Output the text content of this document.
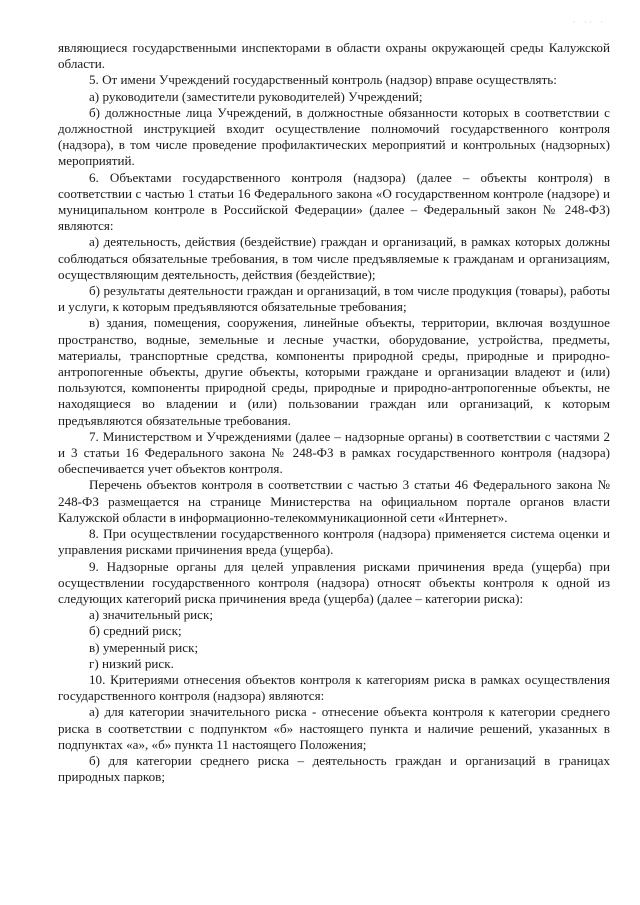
· ·· ·

являющиеся государственными инспекторами в области охраны окружающей среды Калужской области.

5. От имени Учреждений государственный контроль (надзор) вправе осуществлять:

а) руководители (заместители руководителей) Учреждений;

б) должностные лица Учреждений, в должностные обязанности которых в соответствии с должностной инструкцией входит осуществление полномочий государственного контроля (надзора), в том числе проведение профилактических мероприятий и контрольных (надзорных) мероприятий.

6. Объектами государственного контроля (надзора) (далее – объекты контроля) в соответствии с частью 1 статьи 16 Федерального закона «О государственном контроле (надзоре) и муниципальном контроле в Российской Федерации» (далее – Федеральный закон № 248-ФЗ) являются:

а) деятельность, действия (бездействие) граждан и организаций, в рамках которых должны соблюдаться обязательные требования, в том числе предъявляемые к гражданам и организациям, осуществляющим деятельность, действия (бездействие);

б) результаты деятельности граждан и организаций, в том числе продукция (товары), работы и услуги, к которым предъявляются обязательные требования;

в) здания, помещения, сооружения, линейные объекты, территории, включая воздушное пространство, водные, земельные и лесные участки, оборудование, устройства, предметы, материалы, транспортные средства, компоненты природной среды, природные и природно-антропогенные объекты, другие объекты, которыми граждане и организации владеют и (или) пользуются, компоненты природной среды, природные и природно-антропогенные объекты, не находящиеся во владении и (или) пользовании граждан или организаций, к которым предъявляются обязательные требования.

7. Министерством и Учреждениями (далее – надзорные органы) в соответствии с частями 2 и 3 статьи 16 Федерального закона № 248-ФЗ в рамках государственного контроля (надзора) обеспечивается учет объектов контроля.

Перечень объектов контроля в соответствии с частью 3 статьи 46 Федерального закона № 248-ФЗ размещается на странице Министерства на официальном портале органов власти Калужской области в информационно-телекоммуникационной сети «Интернет».

8. При осуществлении государственного контроля (надзора) применяется система оценки и управления рисками причинения вреда (ущерба).

9. Надзорные органы для целей управления рисками причинения вреда (ущерба) при осуществлении государственного контроля (надзора) относят объекты контроля к одной из следующих категорий риска причинения вреда (ущерба) (далее – категории риска):

а) значительный риск;

б) средний риск;

в) умеренный риск;

г) низкий риск.

10. Критериями отнесения объектов контроля к категориям риска в рамках осуществления государственного контроля (надзора) являются:

а) для категории значительного риска - отнесение объекта контроля к категории среднего риска в соответствии с подпунктом «б» настоящего пункта и наличие решений, указанных в подпунктах «а», «б» пункта 11 настоящего Положения;

б) для категории среднего риска – деятельность граждан и организаций в границах природных парков;
